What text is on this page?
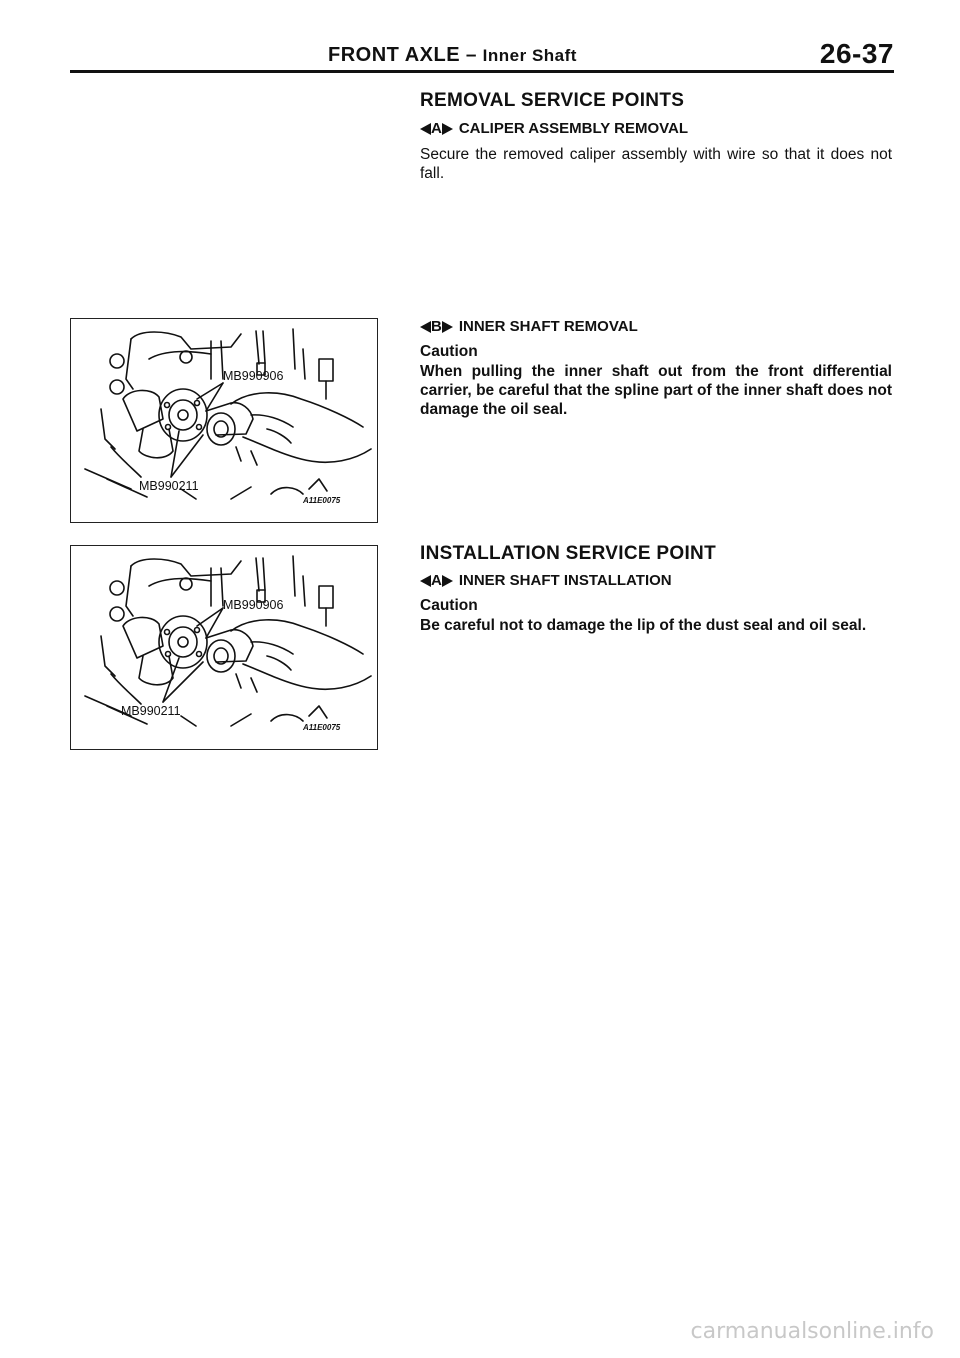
FRONT AXLE – Inner Shaft	26-37
REMOVAL SERVICE POINTS
A CALIPER ASSEMBLY REMOVAL
Secure the removed caliper assembly with wire so that it does not fall.
B INNER SHAFT REMOVAL
Caution
When pulling the inner shaft out from the front differential carrier, be careful that the spline part of the inner shaft does not damage the oil seal.
INSTALLATION SERVICE POINT
A INNER SHAFT INSTALLATION
Caution
Be careful not to damage the lip of the dust seal and oil seal.
MB990906
MB990211
A11E0075
MB990906
MB990211
A11E0075
carmanualsonline.info
